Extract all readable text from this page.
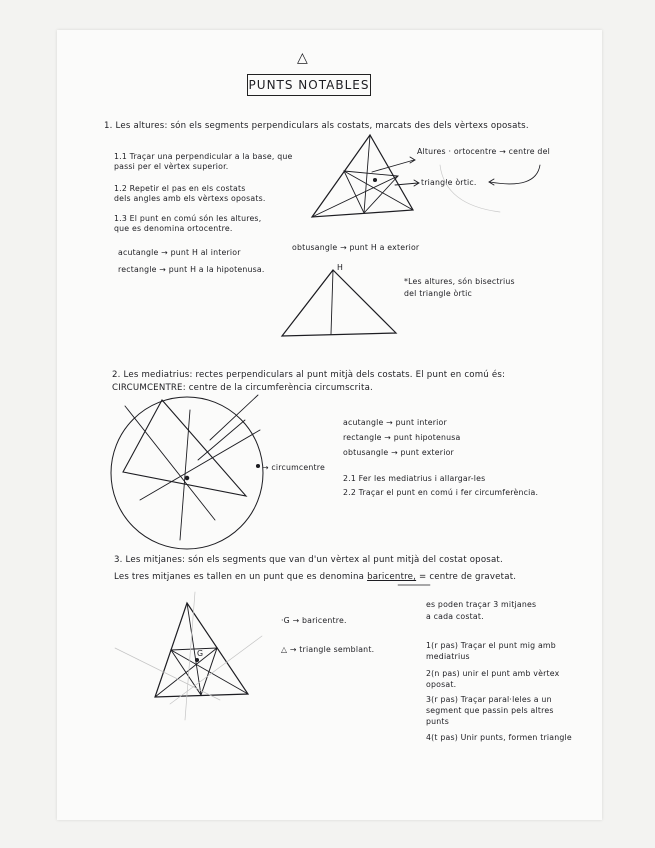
△
PUNTS NOTABLES
1. Les altures: són els segments perpendiculars als costats, marcats des dels vèrtexs oposats.
1.1 Traçar una perpendicular a la base, que
passi per el vèrtex superior.
1.2 Repetir el pas en els costats
dels angles amb els vèrtexs oposats.
1.3 El punt en comú són les altures,
que es denomina ortocentre.
Altures · ortocentre → centre del
triangle òrtic.
acutangle → punt H al interior
obtusangle → punt H a exterior
rectangle → punt H a la hipotenusa.	H
*Les altures, són bisectrius
del triangle òrtic
2. Les mediatrius: rectes perpendiculars al punt mitjà dels costats. El punt en comú és:
CIRCUMCENTRE: centre de la circumferència circumscrita.
→ circumcentre
acutangle → punt interior
rectangle → punt hipotenusa
obtusangle → punt exterior
2.1 Fer les mediatrius i allargar-les
2.2 Traçar el punt en comú i fer circumferència.
3. Les mitjanes: són els segments que van d'un vèrtex al punt mitjà del costat oposat.
Les tres mitjanes es tallen en un punt que es denomina baricentre, = centre de gravetat.
·G → baricentre.
△ → triangle semblant.
G
es poden traçar 3 mitjanes
a cada costat.
1(r pas) Traçar el punt mig amb
mediatrius
2(n pas) unir el punt amb vèrtex
oposat.
3(r pas) Traçar paral·leles a un
segment que passin pels altres
punts
4(t pas) Unir punts, formen triangle
